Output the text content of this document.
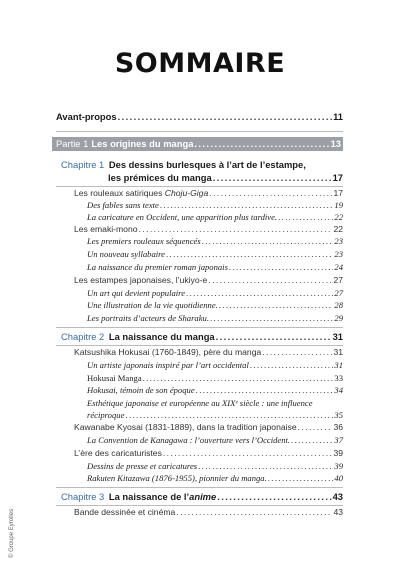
SOMMAIRE
© Groupe Eyrolles
Avant-propos .....	11
Partie 1 Les origines du manga .....	13
Chapitre 1 Des dessins burlesques à l’art de l’estampe,
les prémices du manga .....	17
Les rouleaux satiriques Choju-Giga .....	17
Des fables sans texte .....	19
La caricature en Occident, une apparition plus tardive. .....	22
Les emaki-mono .....	22
Les premiers rouleaux séquencés .....	23
Un nouveau syllabaire .....	23
La naissance du premier roman japonais .....	24
Les estampes japonaises, l’ukiyo-e .....	27
Un art qui devient populaire .....	27
Une illustration de la vie quotidienne. .....	28
Les portraits d’acteurs de Sharaku. .....	29
Chapitre 2 La naissance du manga .....	31
Katsushika Hokusai (1760-1849), père du manga .....	31
Un artiste japonais inspiré par l’art occidental .....	31
Hokusai Manga .....	33
Hokusai, témoin de son époque .....	34
Esthétique japonaise et européenne au XIXᵉ siècle : une influence
réciproque .....	35
Kawanabe Kyosai (1831-1889), dans la tradition japonaise .....	36
La Convention de Kanagawa : l’ouverture vers l’Occident. .....	37
L’ère des caricaturistes .....	39
Dessins de presse et caricatures .....	39
Rakuten Kitazawa (1876-1955), pionnier du manga. .....	40
Chapitre 3 La naissance de l’anime .....	43
Bande dessinée et cinéma .....	43
